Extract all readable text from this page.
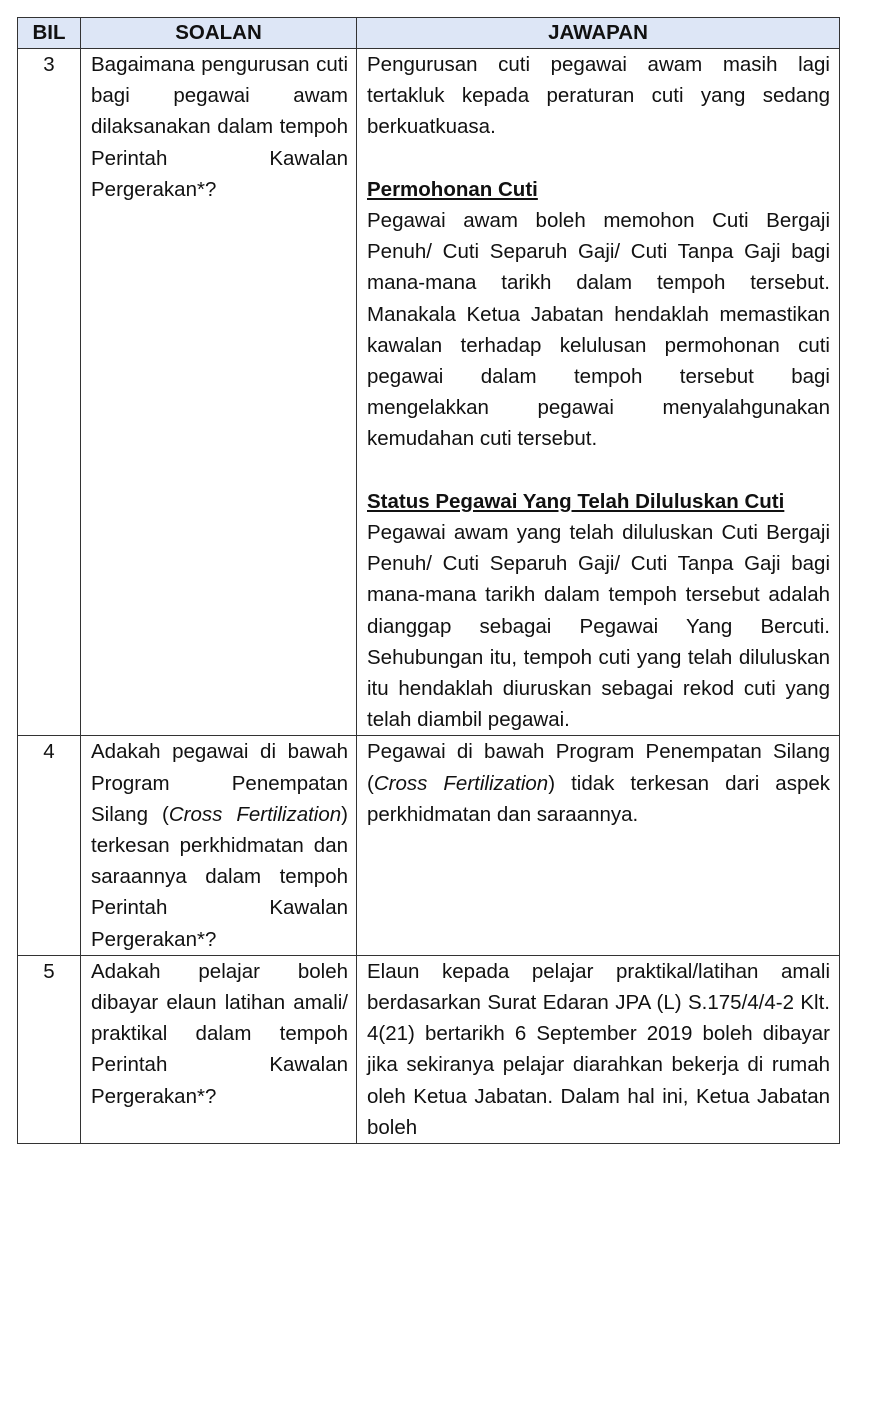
BIL	SOALAN	JAWAPAN
3	Bagaimana pengurusan cuti bagi pegawai awam dilaksanakan dalam tempoh Perintah Kawalan Pergerakan*?	Pengurusan cuti pegawai awam masih lagi tertakluk kepada peraturan cuti yang sedang berkuatkuasa.

Permohonan Cuti

Pegawai awam boleh memohon Cuti Bergaji Penuh/ Cuti Separuh Gaji/ Cuti Tanpa Gaji bagi mana-mana tarikh dalam tempoh tersebut. Manakala Ketua Jabatan hendaklah memastikan kawalan terhadap kelulusan permohonan cuti pegawai dalam tempoh tersebut bagi mengelakkan pegawai menyalahgunakan kemudahan cuti tersebut.

Status Pegawai Yang Telah Diluluskan Cuti

Pegawai awam yang telah diluluskan Cuti Bergaji Penuh/ Cuti Separuh Gaji/ Cuti Tanpa Gaji bagi mana-mana tarikh dalam tempoh tersebut adalah dianggap sebagai Pegawai Yang Bercuti. Sehubungan itu, tempoh cuti yang telah diluluskan itu hendaklah diuruskan sebagai rekod cuti yang telah diambil pegawai.

4	Adakah pegawai di bawah Program Penempatan Silang (Cross Fertilization) terkesan perkhidmatan dan saraannya dalam tempoh Perintah Kawalan Pergerakan*?	Pegawai di bawah Program Penempatan Silang (Cross Fertilization) tidak terkesan dari aspek perkhidmatan dan saraannya.
5	Adakah pelajar boleh dibayar elaun latihan amali/ praktikal dalam tempoh Perintah Kawalan Pergerakan*?	Elaun kepada pelajar praktikal/latihan amali berdasarkan Surat Edaran JPA (L) S.175/4/4-2 Klt. 4(21) bertarikh 6 September 2019 boleh dibayar jika sekiranya pelajar diarahkan bekerja di rumah oleh Ketua Jabatan. Dalam hal ini, Ketua Jabatan boleh
